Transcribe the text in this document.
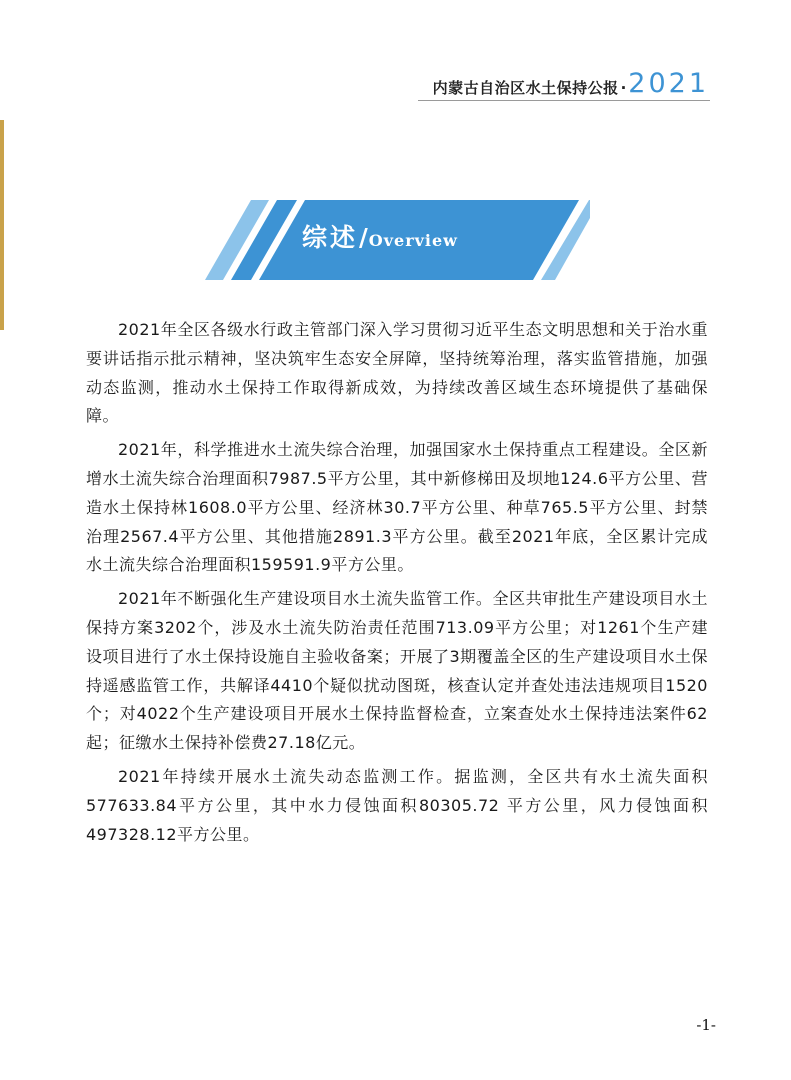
内蒙古自治区水土保持公报 · 2021
综述 / Overview

2021年全区各级水行政主管部门深入学习贯彻习近平生态文明思想和关于治水重要讲话指示批示精神，坚决筑牢生态安全屏障，坚持统筹治理，落实监管措施，加强动态监测，推动水土保持工作取得新成效，为持续改善区域生态环境提供了基础保障。

2021年，科学推进水土流失综合治理，加强国家水土保持重点工程建设。全区新增水土流失综合治理面积7987.5平方公里，其中新修梯田及坝地124.6平方公里、营造水土保持林1608.0平方公里、经济林30.7平方公里、种草765.5平方公里、封禁治理2567.4平方公里、其他措施2891.3平方公里。截至2021年底，全区累计完成水土流失综合治理面积159591.9平方公里。

2021年不断强化生产建设项目水土流失监管工作。全区共审批生产建设项目水土保持方案3202个，涉及水土流失防治责任范围713.09平方公里；对1261个生产建设项目进行了水土保持设施自主验收备案；开展了3期覆盖全区的生产建设项目水土保持遥感监管工作，共解译4410个疑似扰动图斑，核查认定并查处违法违规项目1520个；对4022个生产建设项目开展水土保持监督检查，立案查处水土保持违法案件62起；征缴水土保持补偿费27.18亿元。

2021年持续开展水土流失动态监测工作。据监测，全区共有水土流失面积577633.84平方公里，其中水力侵蚀面积80305.72 平方公里，风力侵蚀面积497328.12平方公里。

-1-
